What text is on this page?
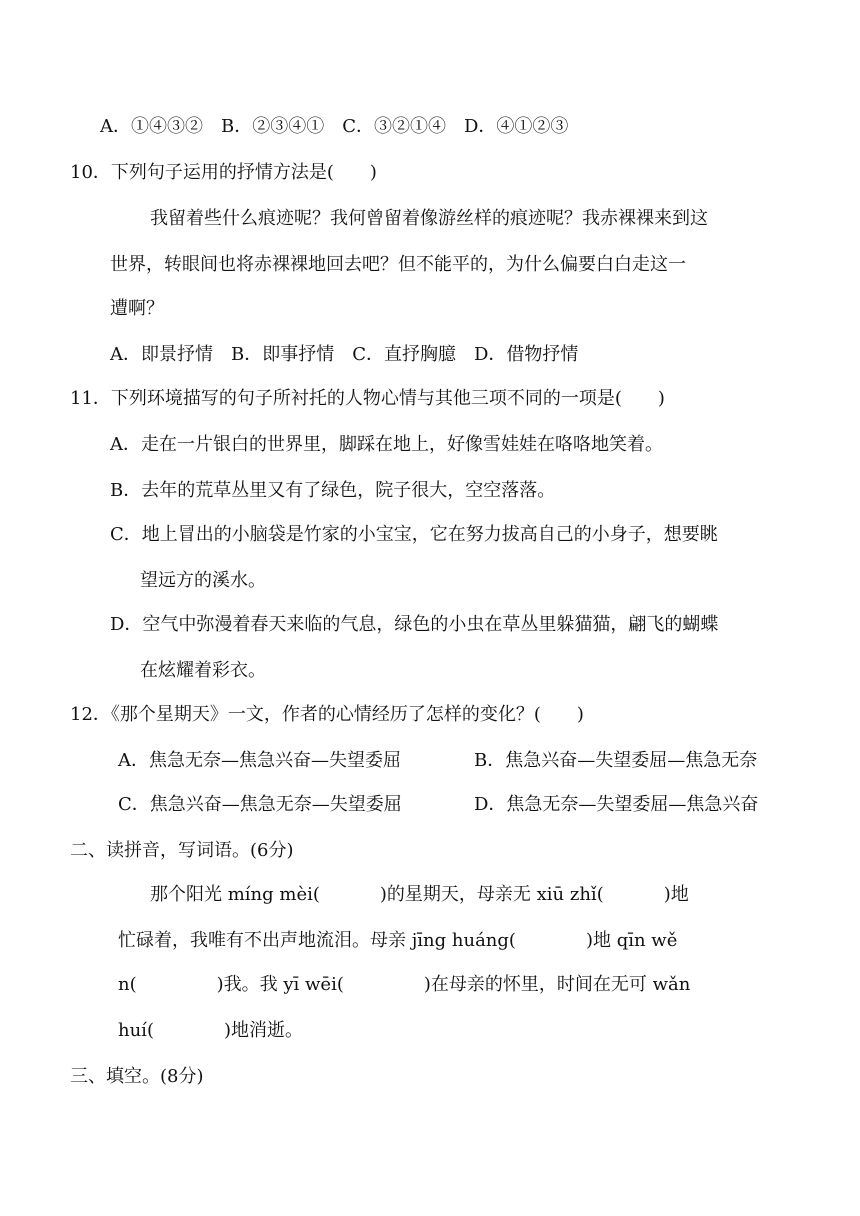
A．①④③②　B．②③④①　C．③②①④　D．④①②③
10．下列句子运用的抒情方法是(　　)
我留着些什么痕迹呢？我何曾留着像游丝样的痕迹呢？我赤裸裸来到这
世界，转眼间也将赤裸裸地回去吧？但不能平的，为什么偏要白白走这一
遭啊？
A．即景抒情　B．即事抒情　C．直抒胸臆　D．借物抒情
11．下列环境描写的句子所衬托的人物心情与其他三项不同的一项是(　　)
A．走在一片银白的世界里，脚踩在地上，好像雪娃娃在咯咯地笑着。
B．去年的荒草丛里又有了绿色，院子很大，空空落落。
C．地上冒出的小脑袋是竹家的小宝宝，它在努力拔高自己的小身子，想要眺
望远方的溪水。
D．空气中弥漫着春天来临的气息，绿色的小虫在草丛里躲猫猫，翩飞的蝴蝶
在炫耀着彩衣。
12．《那个星期天》一文，作者的心情经历了怎样的变化？(　　)
A．焦急无奈—焦急兴奋—失望委屈	B．焦急兴奋—失望委屈—焦急无奈
C．焦急兴奋—焦急无奈—失望委屈	D．焦急无奈—失望委屈—焦急兴奋
二、读拼音，写词语。(6分)
那个阳光 míng mèi(	)的星期天，母亲无 xiū zhǐ(	)地
忙碌着，我唯有不出声地流泪。母亲 jīng huáng(	)地 qīn wě
n(	)我。我 yī wēi(	)在母亲的怀里，时间在无可 wǎn
huí(	)地消逝。
三、填空。(8分)
